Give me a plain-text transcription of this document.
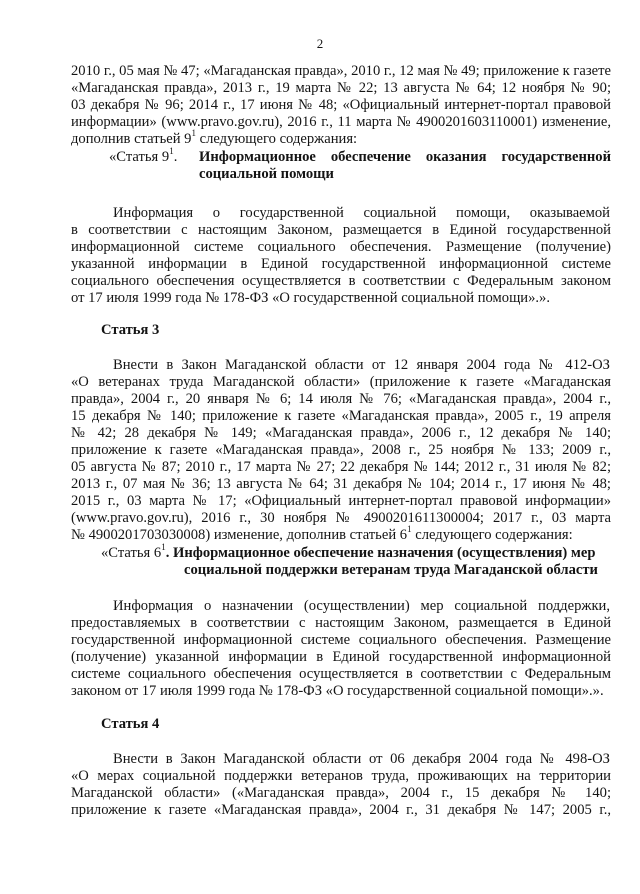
2
2010 г., 05 мая № 47; «Магаданская правда», 2010 г., 12 мая № 49; приложение к газете
«Магаданская правда», 2013 г., 19 марта № 22; 13 августа № 64; 12 ноября № 90;
03 декабря № 96; 2014 г., 17 июня № 48; «Официальный интернет-портал правовой
информации» (www.pravo.gov.ru), 2016 г., 11 марта № 4900201603110001) изменение,
дополнив статьей $9^1$ следующего содержания:
«Статья $9^1$. Информационное обеспечение оказания государственной
социальной помощи
Информация о государственной социальной помощи, оказываемой
в соответствии с настоящим Законом, размещается в Единой государственной
информационной системе социального обеспечения. Размещение (получение)
указанной информации в Единой государственной информационной системе
социального обеспечения осуществляется в соответствии с Федеральным законом
от 17 июля 1999 года № 178-ФЗ «О государственной социальной помощи».».
Статья 3
Внести в Закон Магаданской области от 12 января 2004 года № 412-ОЗ
«О ветеранах труда Магаданской области» (приложение к газете «Магаданская
правда», 2004 г., 20 января № 6; 14 июля № 76; «Магаданская правда», 2004 г.,
15 декабря № 140; приложение к газете «Магаданская правда», 2005 г., 19 апреля
№ 42; 28 декабря № 149; «Магаданская правда», 2006 г., 12 декабря № 140;
приложение к газете «Магаданская правда», 2008 г., 25 ноября № 133; 2009 г.,
05 августа № 87; 2010 г., 17 марта № 27; 22 декабря № 144; 2012 г., 31 июля № 82;
2013 г., 07 мая № 36; 13 августа № 64; 31 декабря № 104; 2014 г., 17 июня № 48;
2015 г., 03 марта № 17; «Официальный интернет-портал правовой информации»
(www.pravo.gov.ru), 2016 г., 30 ноября № 4900201611300004; 2017 г., 03 марта
№ 4900201703030008) изменение, дополнив статьей $6^1$ следующего содержания:
«Статья $6^1$. Информационное обеспечение назначения (осуществления) мер
социальной поддержки ветеранам труда Магаданской области
Информация о назначении (осуществлении) мер социальной поддержки,
предоставляемых в соответствии с настоящим Законом, размещается в Единой
государственной информационной системе социального обеспечения. Размещение
(получение) указанной информации в Единой государственной информационной
системе социального обеспечения осуществляется в соответствии с Федеральным
законом от 17 июля 1999 года № 178-ФЗ «О государственной социальной помощи».».
Статья 4
Внести в Закон Магаданской области от 06 декабря 2004 года № 498-ОЗ
«О мерах социальной поддержки ветеранов труда, проживающих на территории
Магаданской области» («Магаданская правда», 2004 г., 15 декабря № 140;
приложение к газете «Магаданская правда», 2004 г., 31 декабря № 147; 2005 г.,
